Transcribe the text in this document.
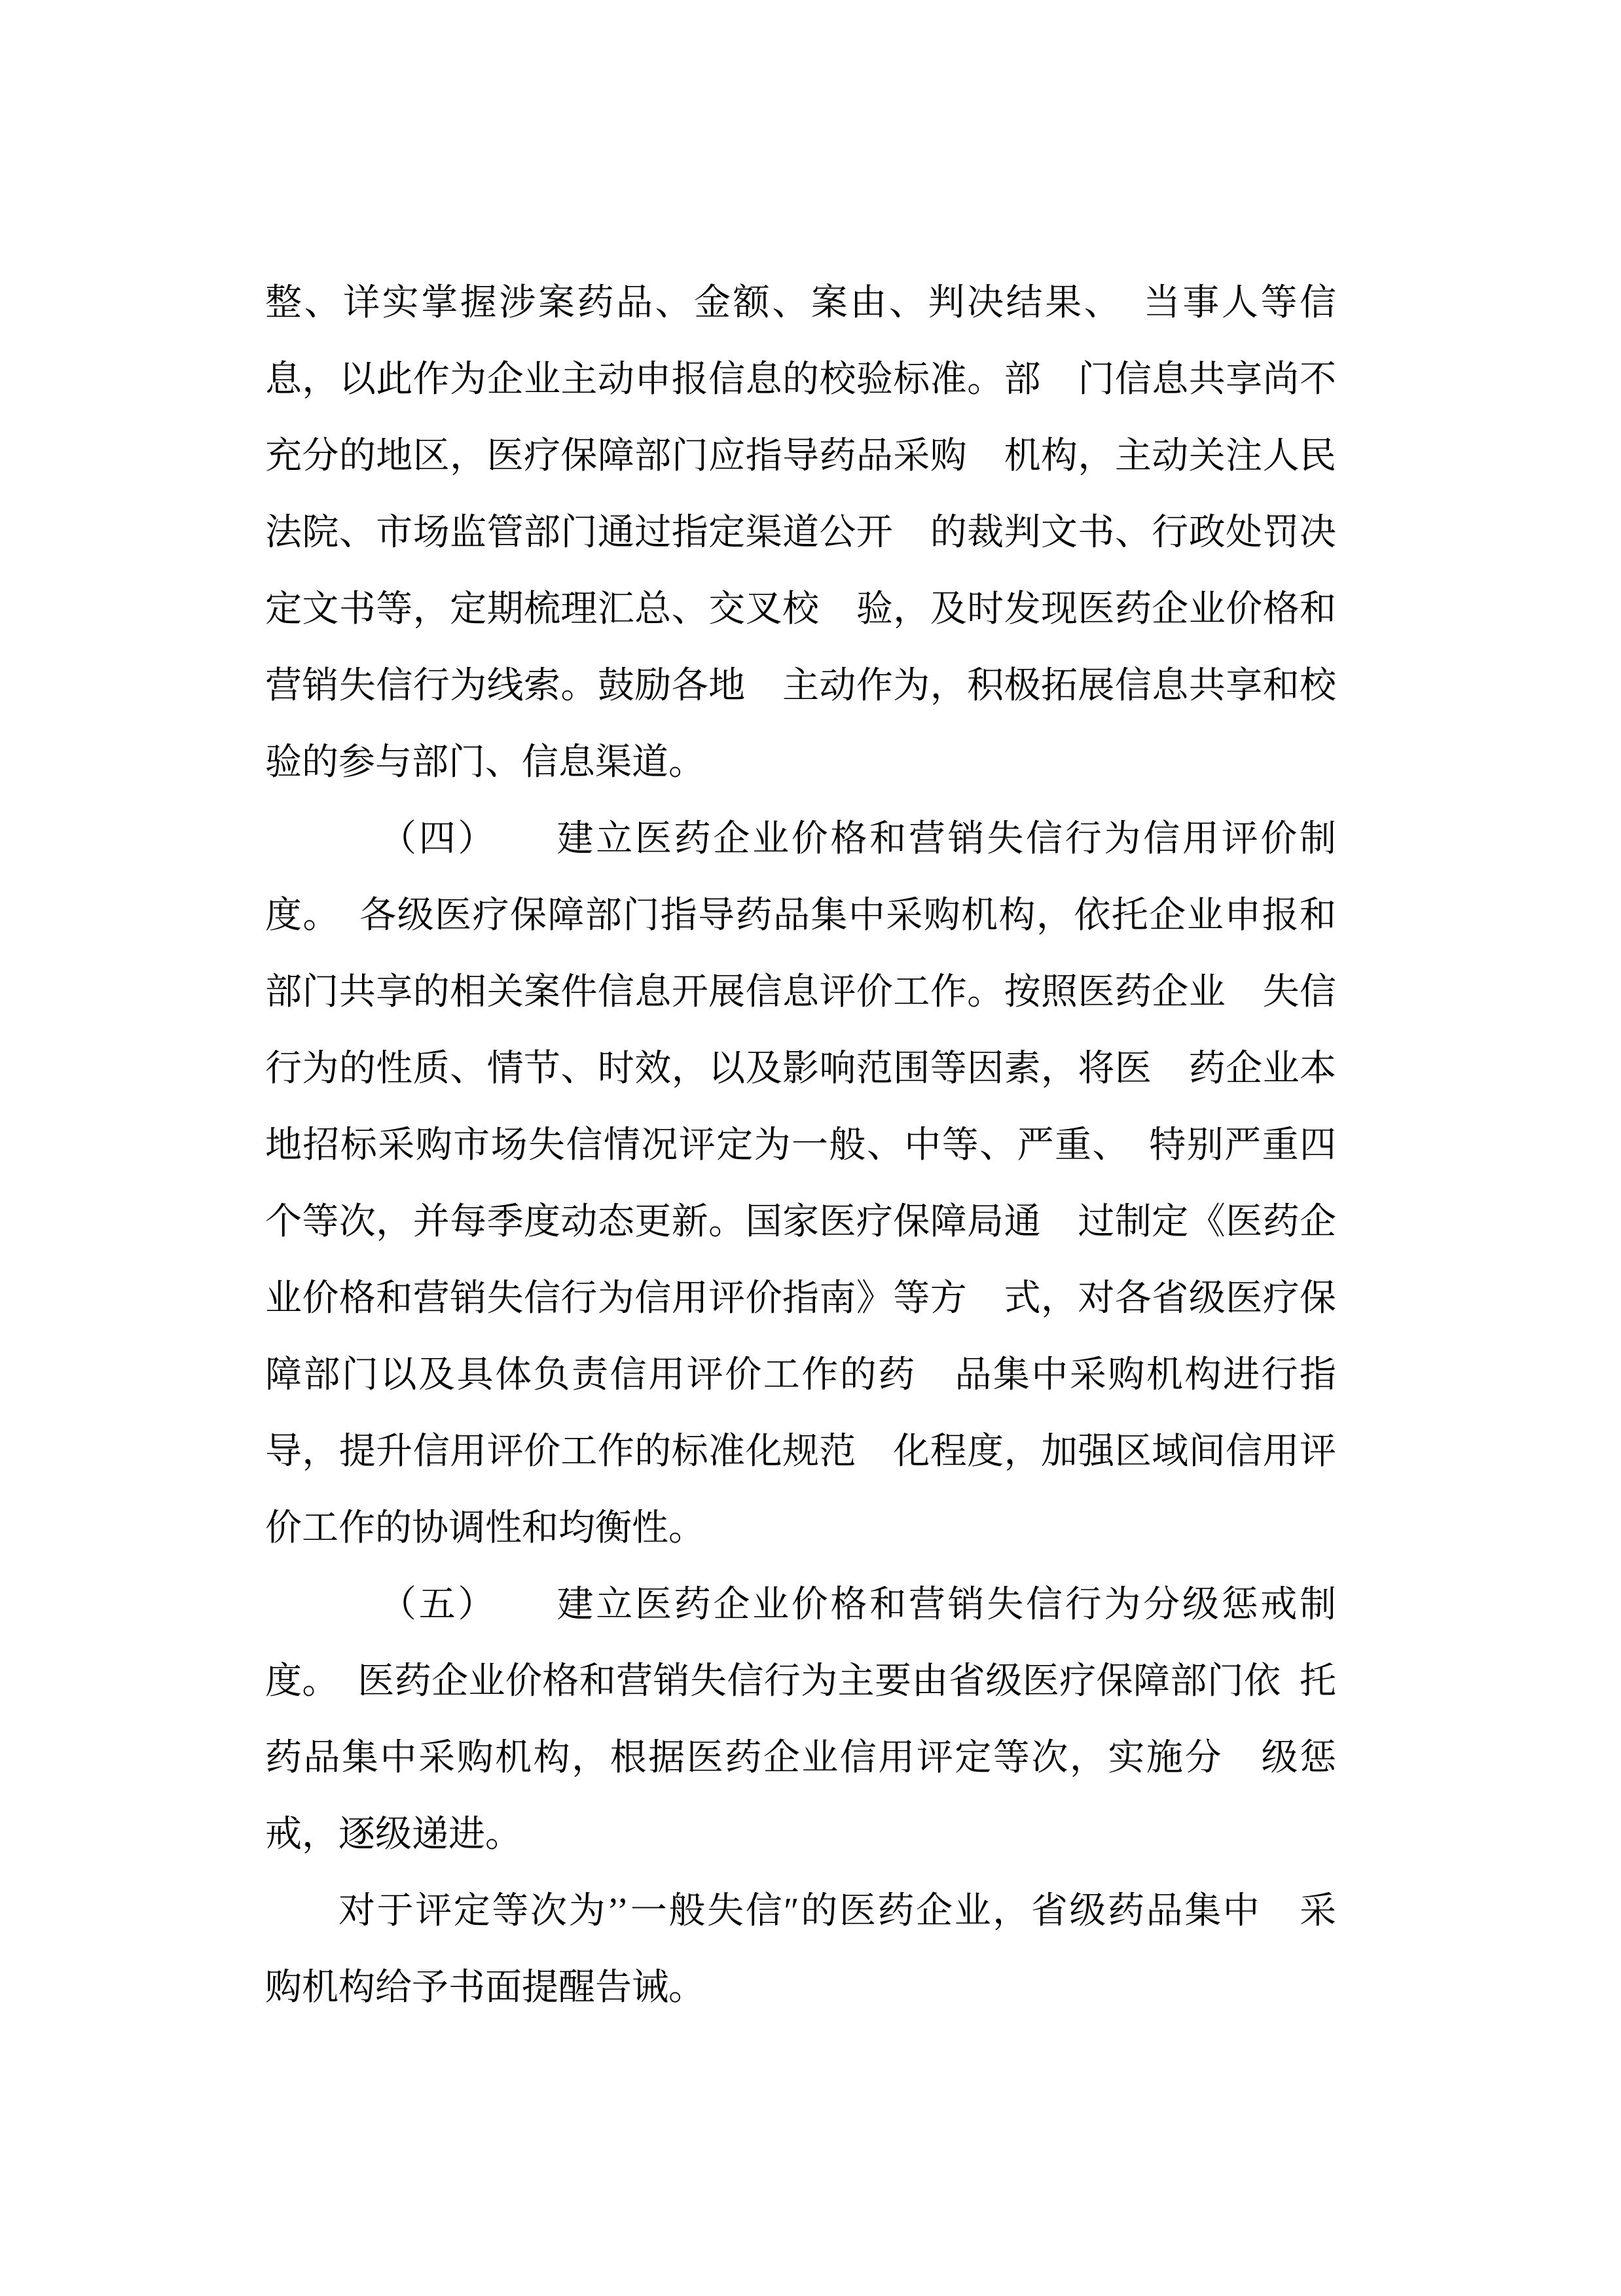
整、详实掌握涉案药品、金额、案由、判决结果、　当事人等信
息，以此作为企业主动申报信息的校验标准。部　门信息共享尚不
充分的地区，医疗保障部门应指导药品采购　机构，主动关注人民
法院、市场监管部门通过指定渠道公开　的裁判文书、行政处罚决
定文书等，定期梳理汇总、交叉校　验，及时发现医药企业价格和
营销失信行为线索。鼓励各地　主动作为，积极拓展信息共享和校
验的参与部门、信息渠道。
（四）　　建立医药企业价格和营销失信行为信用评价制
度。　各级医疗保障部门指导药品集中采购机构，依托企业申报和
部门共享的相关案件信息开展信息评价工作。按照医药企业　失信
行为的性质、情节、时效，以及影响范围等因素，将医　药企业本
地招标采购市场失信情况评定为一般、中等、严重、　特别严重四
个等次，并每季度动态更新。国家医疗保障局通　过制定《医药企
业价格和营销失信行为信用评价指南》等方　式，对各省级医疗保
障部门以及具体负责信用评价工作的药　品集中采购机构进行指
导，提升信用评价工作的标准化规范　化程度，加强区域间信用评
价工作的协调性和均衡性。
（五）　　建立医药企业价格和营销失信行为分级惩戒制
度。 医药企业价格和营销失信行为主要由省级医疗保障部门依 托
药品集中采购机构，根据医药企业信用评定等次，实施分　级惩
戒，逐级递进。
对于评定等次为’’一般失信″的医药企业，省级药品集中　采
购机构给予书面提醒告诫。
